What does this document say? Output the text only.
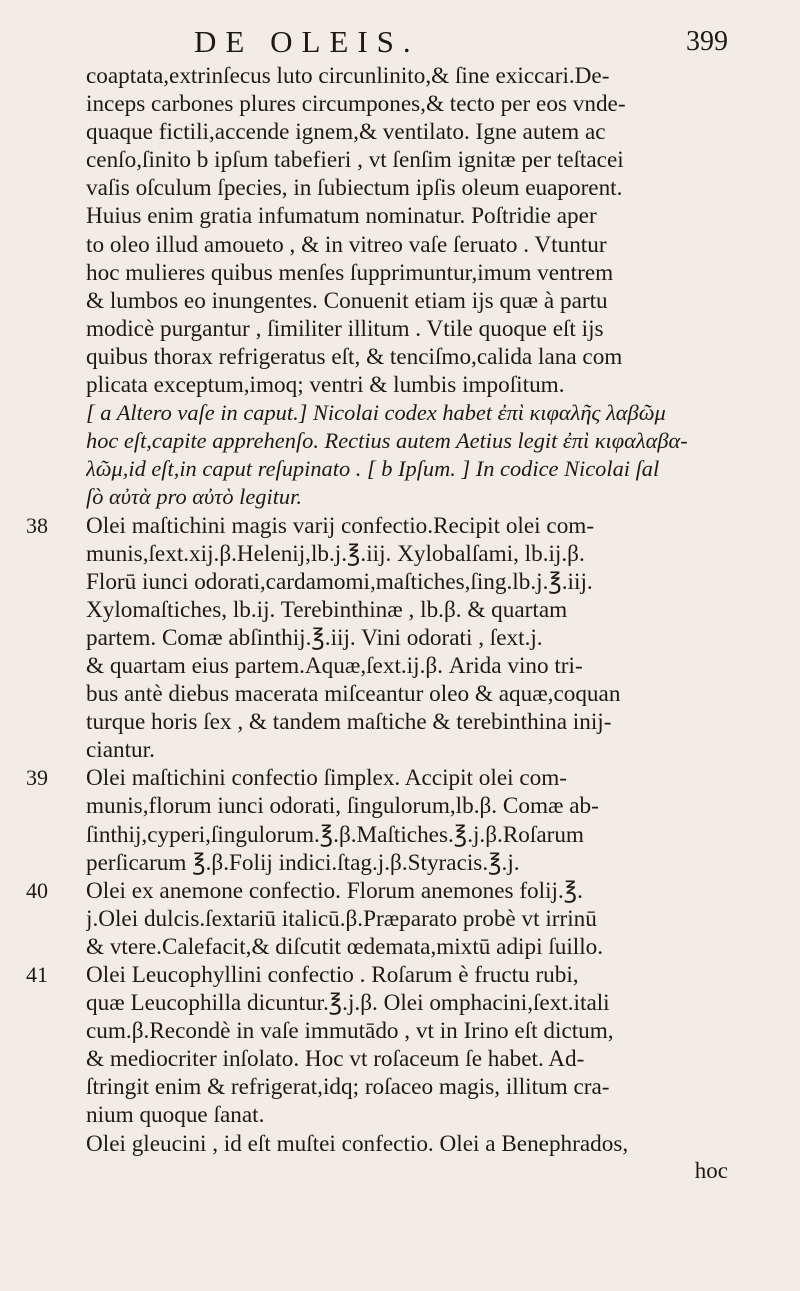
DE OLEIS.	399
coaptata,extrinſecus luto circunlinito,& ſine exiccari.De-
inceps carbones plures circumpones,& tecto per eos vnde-
quaque fictili,accende ignem,& ventilato. Igne autem ac
cenſo,ſinito b ipſum tabefieri , vt ſenſim ignitæ per teſtacei
vaſis oſculum ſpecies, in ſubiectum ipſis oleum euaporent.
Huius enim gratia infumatum nominatur. Poſtridie aper
to oleo illud amoueto , & in vitreo vaſe ſeruato . Vtuntur
hoc mulieres quibus menſes ſupprimuntur,imum ventrem
& lumbos eo inungentes. Conuenit etiam ijs quæ à partu
modicè purgantur , ſimiliter illitum . Vtile quoque eſt ijs
quibus thorax refrigeratus eſt, & tenciſmo,calida lana com
plicata exceptum,imoq; ventri & lumbis impoſitum.
[ a Altero vaſe in caput.] Nicolai codex habet ἐπὶ κιφαλῆς λαβῶμ
hoc eſt,capite apprehenſo. Rectius autem Aetius legit ἐπὶ κιφαλαβα-
λῶμ,id eſt,in caput reſupinato . [ b Ipſum. ] In codice Nicolai ſal
ſò αὐτὰ pro αὐτὸ legitur.
38 Olei maſtichini magis varij confectio.Recipit olei com-
munis,ſext.xij.β.Helenij,lb.j.℥.iij. Xylobalſami, lb.ij.β.
Florū iunci odorati,cardamomi,maſtiches,ſing.lb.j.℥.iij.
Xylomaſtiches, lb.ij. Terebinthinæ , lb.β. & quartam
partem. Comæ abſinthij.℥.iij. Vini odorati , ſext.j.
& quartam eius partem.Aquæ,ſext.ij.β. Arida vino tri-
bus antè diebus macerata miſceantur oleo & aquæ,coquan
turque horis ſex , & tandem maſtiche & terebinthina inij-
ciantur.
39 Olei maſtichini confectio ſimplex. Accipit olei com-
munis,florum iunci odorati, ſingulorum,lb.β. Comæ ab-
ſinthij,cyperi,ſingulorum.℥.β.Maſtiches.℥.j.β.Roſarum
perſicarum ℥.β.Folij indici.ſtag.j.β.Styracis.℥.j.
40 Olei ex anemone confectio. Florum anemones folij.℥.
j.Olei dulcis.ſextariū italicū.β.Præparato probè vt irrinū
& vtere.Calefacit,& diſcutit œdemata,mixtū adipi ſuillo.
41 Olei Leucophyllini confectio . Roſarum è fructu rubi,
quæ Leucophilla dicuntur.℥.j.β. Olei omphacini,ſext.itali
cum.β.Recondè in vaſe immutādo , vt in Irino eſt dictum,
& mediocriter inſolato. Hoc vt roſaceum ſe habet. Ad-
ſtringit enim & refrigerat,idq; roſaceo magis, illitum cra-
nium quoque ſanat.
Olei gleucini , id eſt muſtei confectio. Olei a Benephrados,
hoc
